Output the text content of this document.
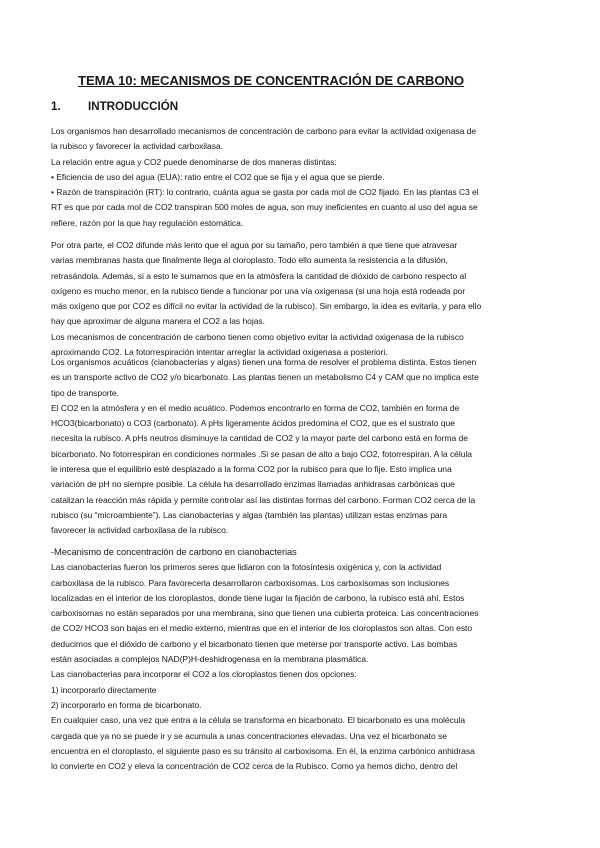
TEMA 10: MECANISMOS DE CONCENTRACIÓN DE CARBONO
1. INTRODUCCIÓN
Los organismos han desarrollado mecanismos de concentración de carbono para evitar la actividad oxigenasa de
la rubisco y favorecer la actividad carboxilasa.
La relación entre agua y CO2 puede denominarse de dos maneras distintas:
• Eficiencia de uso del agua (EUA): ratio entre el CO2 que se fija y el agua que se pierde.
• Razón de transpiración (RT): lo contrario, cuánta agua se gasta por cada mol de CO2 fijado. En las plantas C3 el
RT es que por cada mol de CO2 transpiran 500 moles de agua, son muy ineficientes en cuanto al uso del agua se
refiere, razón por la que hay regulación estomática.
Por otra parte, el CO2 difunde más lento que el agua por su tamaño, pero también a que tiene que atravesar
varias membranas hasta que finalmente llega al cloroplasto. Todo ello aumenta la resistencia a la difusión,
retrasándola. Además, si a esto le sumamos que en la atmósfera la cantidad de dióxido de carbono respecto al
oxígeno es mucho menor, en la rubisco tiende a funcionar por una vía oxigenasa (si una hoja está rodeada por
más oxígeno que por CO2 es difícil no evitar la actividad de la rubisco). Sin embargo, la idea es evitarla, y para ello
hay que aproximar de alguna manera el CO2 a las hojas.
Los mecanismos de concentración de carbono tienen como objetivo evitar la actividad oxigenasa de la rubisco
aproximando CO2. La fotorrespiración intentar arreglar la actividad oxigenasa a posteriori.
Los organismos acuáticos (cianobacterias y algas) tienen una forma de resolver el problema distinta. Estos tienen
es un transporte activo de CO2 y/o bicarbonato. Las plantas tienen un metabolismo C4 y CAM que no implica este
tipo de transporte.
El CO2 en la atmósfera y en el medio acuático. Podemos encontrarlo en forma de CO2, también en forma de
HCO3(bicarbonato) o CO3 (carbonato). A pHs ligeramente ácidos predomina el CO2, que es el sustrato que
necesita la rubisco. A pHs neutros disminuye la cantidad de CO2 y la mayor parte del carbono está en forma de
bicarbonato. No fotorrespiran en condiciones normales .Si se pasan de alto a bajo CO2, fotorrespiran. A la célula
le interesa que el equilibrio esté desplazado a la forma CO2 por la rubisco para que lo fije. Esto implica una
variación de pH no siempre posible. La célula ha desarrollado enzimas llamadas anhidrasas carbónicas que
catalizan la reacción más rápida y permite controlar así las distintas formas del carbono. Forman CO2 cerca de la
rubisco (su “microambiente”). Las cianobacterias y algas (también las plantas) utilizan estas enzimas para
favorecer la actividad carboxilasa de la rubisco.
-Mecanismo de concentración de carbono en cianobacterias
Las cianobacterias fueron los primeros seres que lidiaron con la fotosíntesis oxigénica y, con la actividad
carboxilasa de la rubisco. Para favorecerla desarrollaron carboxisomas. Los carboxisomas son inclusiones
localizadas en el interior de los cloroplastos, donde tiene lugar la fijación de carbono, la rubisco está ahí. Estos
carboxisomas no están separados por una membrana, sino que tienen una cubierta proteica. Las concentraciones
de CO2/ HCO3 son bajas en el medio externo, mientras que en el interior de los cloroplastos son altas. Con esto
deducimos que el dióxido de carbono y el bicarbonato tienen que meterse por transporte activo. Las bombas
están asociadas a complejos NAD(P)H-deshidrogenasa en la membrana plasmática.
Las cianobacterias para incorporar el CO2 a los cloroplastos tienen dos opciones:
1) incorporarlo directamente
2) incorporarlo en forma de bicarbonato.
En cualquier caso, una vez que entra a la célula se transforma en bicarbonato. El bicarbonato es una molécula
cargada que ya no se puede ir y se acumula a unas concentraciones elevadas. Una vez el bicarbonato se
encuentra en el cloroplasto, el siguiente paso es su tránsito al carboxisoma. En él, la enzima carbónico anhidrasa
lo convierte en CO2 y eleva la concentración de CO2 cerca de la Rubisco. Como ya hemos dicho, dentro del
